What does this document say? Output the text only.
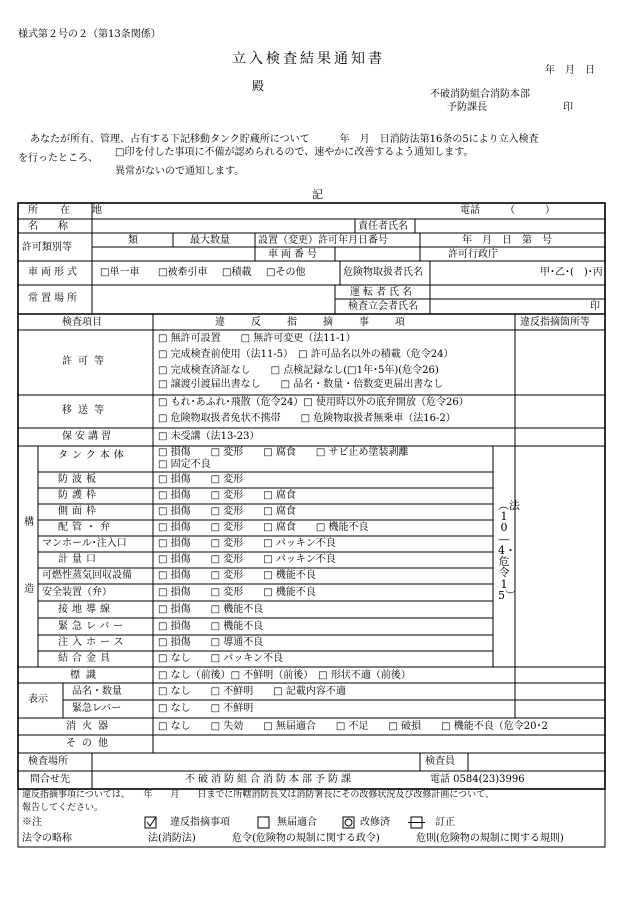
様式第２号の２（第13条関係）
立入検査結果通知書
年　月　日
殿
不破消防組合消防本部
予防課長	印
あなたが所有、管理、占有する下記移動タンク貯蔵所について　　　年　月　日消防法第16条の5により立入検査
を行ったところ、
□印を付した事項に不備が認められるので、速やかに改善するよう通知します。
異常がないので通知します。
記
所　在　地	電話	（　　　）
名　　称	責任者氏名
許可類別等
類	最大数量	設置（変更）許可年月日番号	年　月　日　第　号
車両番号	許可行政庁
車両形式 □単一車 □被牽引車 □積載 □その他	危険物取扱者氏名	甲･乙･(　)･丙
常置場所
運転者氏名
検査立会者氏名	印
検査項目	違反指摘事項	違反指摘箇所等
許可等
□ 無許可設置　　□ 無許可変更（法11-1）
□ 完成検査前使用（法11-5）　□ 許可品名以外の積載（危令24）
□ 完成検査済証なし　　□ 点検記録なし(□1年･5年)(危令26)
□ 譲渡引渡届出書なし　　□ 品名・数量・倍数変更届出書なし
移送等
□ もれ･あふれ･飛散（危令24）□ 使用時以外の底弁開放（危令26）
□ 危険物取扱者免状不携帯　　□ 危険物取扱者無乗車（法16-2）
保安講習	□ 未受講（法13-23）
構
造
タンク本体	□ 損傷　　□ 変形　　□ 腐食　　□ サビ止め塗装剥離
□ 固定不良
防波板	□ 損傷　　□ 変形
防護枠	□ 損傷　　□ 変形　　□ 腐食
側面枠	□ 損傷　　□ 変形　　□ 腐食
配管・弁	□ 損傷　　□ 変形　　□ 腐食　　□ 機能不良
マンホール･注入口	□ 損傷　　□ 変形　　□ パッキン不良
計量口	□ 損傷　　□ 変形　　□ パッキン不良
可燃性蒸気回収設備	□ 損傷　　□ 変形　　□ 機能不良
安全装置（弁）	□ 損傷　　□ 変形　　□ 機能不良
接地導線	□ 損傷　　□ 機能不良
緊急レバー	□ 損傷　　□ 機能不良
注入ホース	□ 損傷　　□ 導通不良
結合金具	□ なし　　□ パッキン不良
︵法10―4・危令15︶
標識	□ なし（前後）□ 不鮮明（前後）　□ 形状不適（前後）
表示
品名・数量	□ なし　　□ 不鮮明　　□ 記載内容不適
緊急レバー	□ なし　　□ 不鮮明
消火器	□ なし　　□ 失効　　□ 無届適合　　□ 不足　　□ 破損　　□ 機能不良（危令20･2
その他
検査場所	検査員
問合せ先	不破消防組合消防本部予防課	電話 0584(23)3996
違反指摘事項については、　　年　　月　　日までに所轄消防長又は消防署長にその改修状況及び改修計画について、
報告してください。
※注	違反指摘事項	無届適合	改修済	訂正
法令の略称	法(消防法)	危令(危険物の規制に関する政令)	危則(危険物の規制に関する規則)
